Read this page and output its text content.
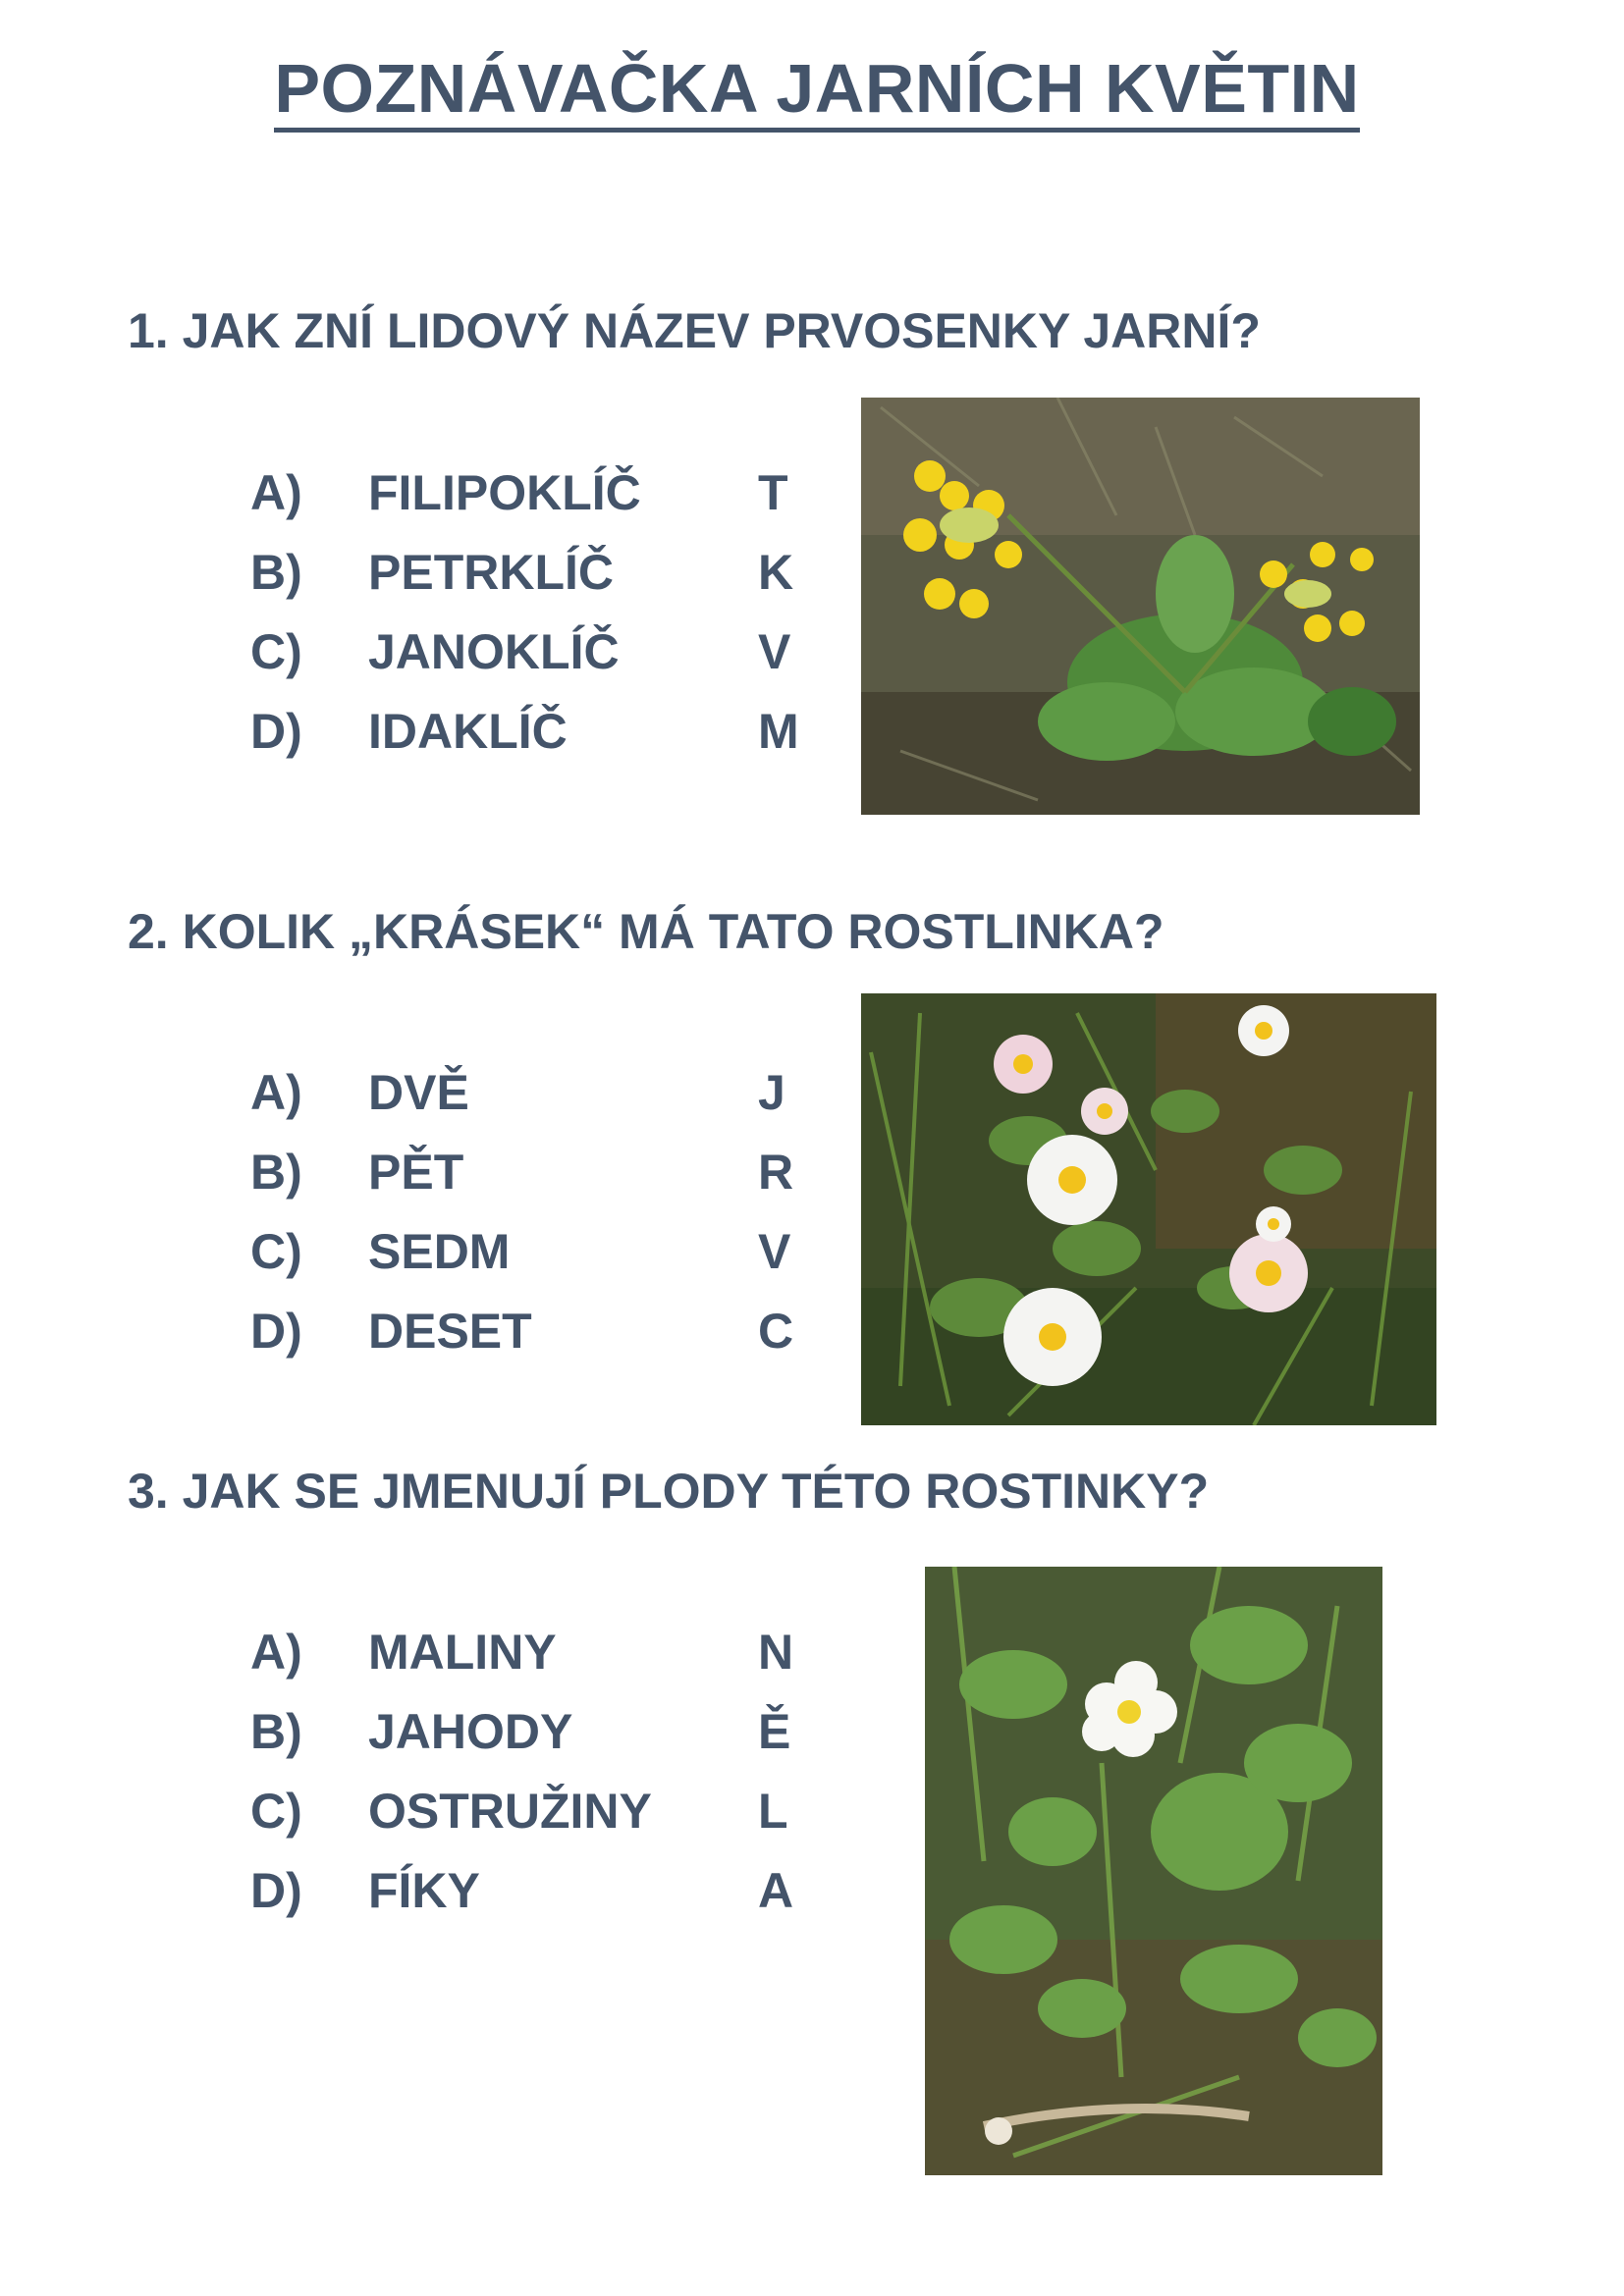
POZNÁVAČKA JARNÍCH KVĚTIN
1. JAK ZNÍ LIDOVÝ NÁZEV PRVOSENKY JARNÍ?
A) FILIPOKLÍČ T
B) PETRKLÍČ	K
C) JANOKLÍČ	V
D) IDAKLÍČ	M
2. KOLIK „KRÁSEK“ MÁ TATO ROSTLINKA?
A) DVĚ	J
B) PĚT	R
C) SEDM	V
D) DESET	C
3. JAK SE JMENUJÍ PLODY TÉTO ROSTINKY?
A) MALINY	N
B) JAHODY	Ě
C) OSTRUŽINY L
D) FÍKY	A
